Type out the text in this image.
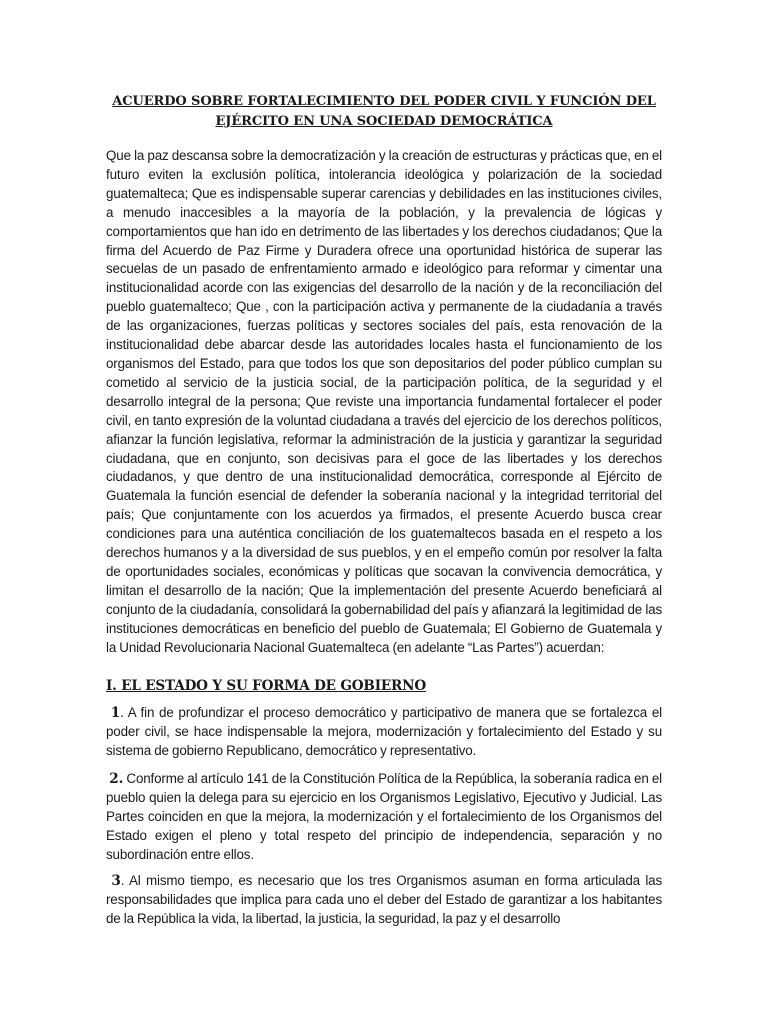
ACUERDO SOBRE FORTALECIMIENTO DEL PODER CIVIL Y FUNCIÓN DEL
EJÉRCITO EN UNA SOCIEDAD DEMOCRÁTICA
Que la paz descansa sobre la democratización y la creación de estructuras y prácticas que, en el futuro eviten la exclusión política, intolerancia ideológica y polarización de la sociedad guatemalteca; Que es indispensable superar carencias y debilidades en las instituciones civiles, a menudo inaccesibles a la mayoría de la población, y la prevalencia de lógicas y comportamientos que han ido en detrimento de las libertades y los derechos ciudadanos; Que la firma del Acuerdo de Paz Firme y Duradera ofrece una oportunidad histórica de superar las secuelas de un pasado de enfrentamiento armado e ideológico para reformar y cimentar una institucionalidad acorde con las exigencias del desarrollo de la nación y de la reconciliación del pueblo guatemalteco; Que , con la participación activa y permanente de la ciudadanía a través de las organizaciones, fuerzas políticas y sectores sociales del país, esta renovación de la institucionalidad debe abarcar desde las autoridades locales hasta el funcionamiento de los organismos del Estado, para que todos los que son depositarios del poder público cumplan su cometido al servicio de la justicia social, de la participación política, de la seguridad y el desarrollo integral de la persona; Que reviste una importancia fundamental fortalecer el poder civil, en tanto expresión de la voluntad ciudadana a través del ejercicio de los derechos políticos, afianzar la función legislativa, reformar la administración de la justicia y garantizar la seguridad ciudadana, que en conjunto, son decisivas para el goce de las libertades y los derechos ciudadanos, y que dentro de una institucionalidad democrática, corresponde al Ejército de Guatemala la función esencial de defender la soberanía nacional y la integridad territorial del país; Que conjuntamente con los acuerdos ya firmados, el presente Acuerdo busca crear condiciones para una auténtica conciliación de los guatemaltecos basada en el respeto a los derechos humanos y a la diversidad de sus pueblos, y en el empeño común por resolver la falta de oportunidades sociales, económicas y políticas que socavan la convivencia democrática, y limitan el desarrollo de la nación; Que la implementación del presente Acuerdo beneficiará al conjunto de la ciudadanía, consolidará la gobernabilidad del país y afianzará la legitimidad de las instituciones democráticas en beneficio del pueblo de Guatemala; El Gobierno de Guatemala y la Unidad Revolucionaria Nacional Guatemalteca (en adelante “Las Partes”) acuerdan:
I. EL ESTADO Y SU FORMA DE GOBIERNO
1. A fin de profundizar el proceso democrático y participativo de manera que se fortalezca el poder civil, se hace indispensable la mejora, modernización y fortalecimiento del Estado y su sistema de gobierno Republicano, democrático y representativo.
2. Conforme al artículo 141 de la Constitución Política de la República, la soberanía radica en el pueblo quien la delega para su ejercicio en los Organismos Legislativo, Ejecutivo y Judicial. Las Partes coinciden en que la mejora, la modernización y el fortalecimiento de los Organismos del Estado exigen el pleno y total respeto del principio de independencia, separación y no subordinación entre ellos.
3. Al mismo tiempo, es necesario que los tres Organismos asuman en forma articulada las responsabilidades que implica para cada uno el deber del Estado de garantizar a los habitantes de la República la vida, la libertad, la justicia, la seguridad, la paz y el desarrollo
